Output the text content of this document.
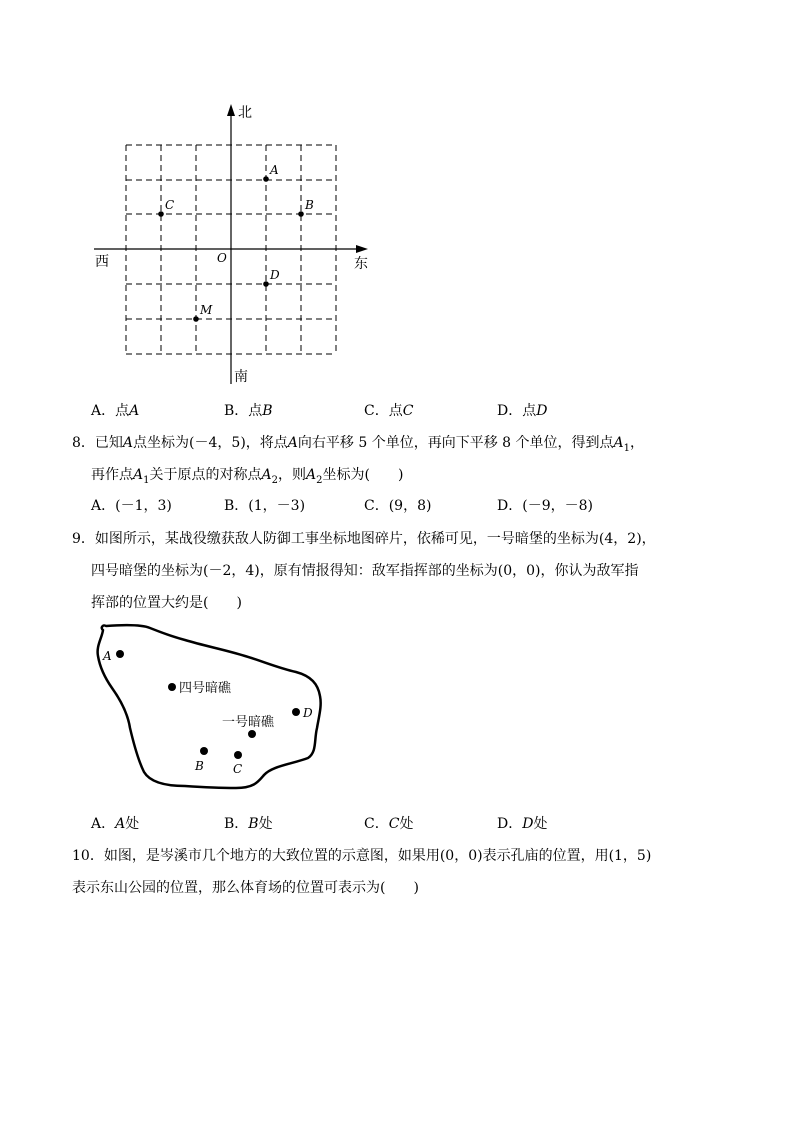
北
南
东
西	O
A
B
C
D
M
A．点A	B．点B	C．点C	D．点D
8．已知A点坐标为(－4，5)，将点A向右平移 5 个单位，再向下平移 8 个单位，得到点$A_1$，
再作点$A_1$关于原点的对称点$A_2$，则$A_2$坐标为(　　)
A．(－1，3)	B．(1，－3)	C．(9，8)	D．(－9，－8)
9．如图所示，某战役缴获敌人防御工事坐标地图碎片，依稀可见，一号暗堡的坐标为(4，2)，
四号暗堡的坐标为(－2，4)，原有情报得知：敌军指挥部的坐标为(0，0)，你认为敌军指
挥部的位置大约是(　　)
A
四号暗礁
D
一号暗礁
B C
A．A处	B．B处	C．C处	D．D处
10．如图，是岑溪市几个地方的大致位置的示意图，如果用(0，0)表示孔庙的位置，用(1，5)
表示东山公园的位置，那么体育场的位置可表示为(　　)
